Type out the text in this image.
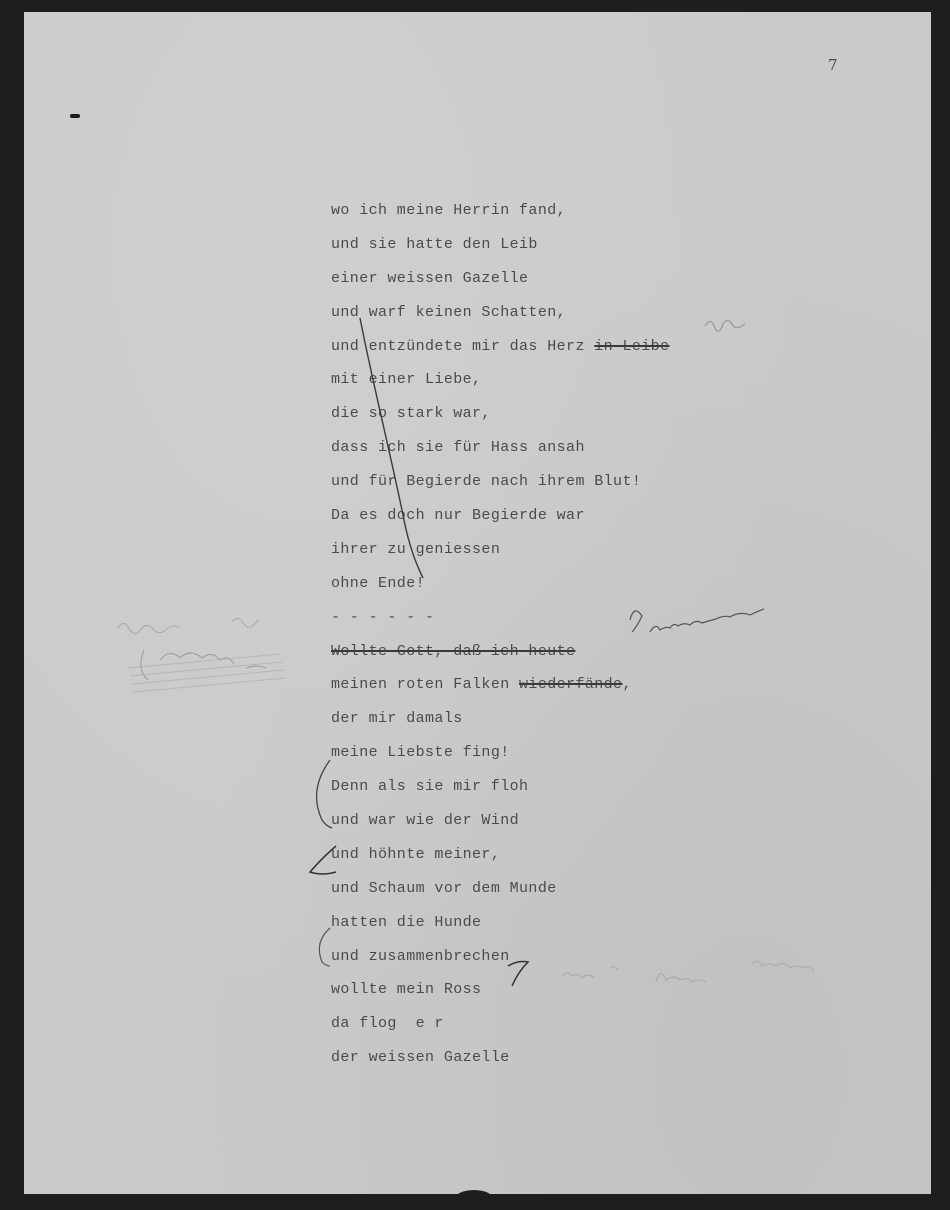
7
wo ich meine Herrin fand,
und sie hatte den Leib
einer weissen Gazelle
und warf keinen Schatten,
und entzündete mir das Herz in Leibe
mit einer Liebe,
die so stark war,
dass ich sie für Hass ansah
und für Begierde nach ihrem Blut!
Da es doch nur Begierde war
ihrer zu geniessen
ohne Ende!
- - - - - -
Wollte Gott, daß ich heute
meinen roten Falken wiederfände,
der mir damals
meine Liebste fing!
Denn als sie mir floh
und war wie der Wind
und höhnte meiner,
und Schaum vor dem Munde
hatten die Hunde
und zusammenbrechen
wollte mein Ross
da flog  e r
der weissen Gazelle
